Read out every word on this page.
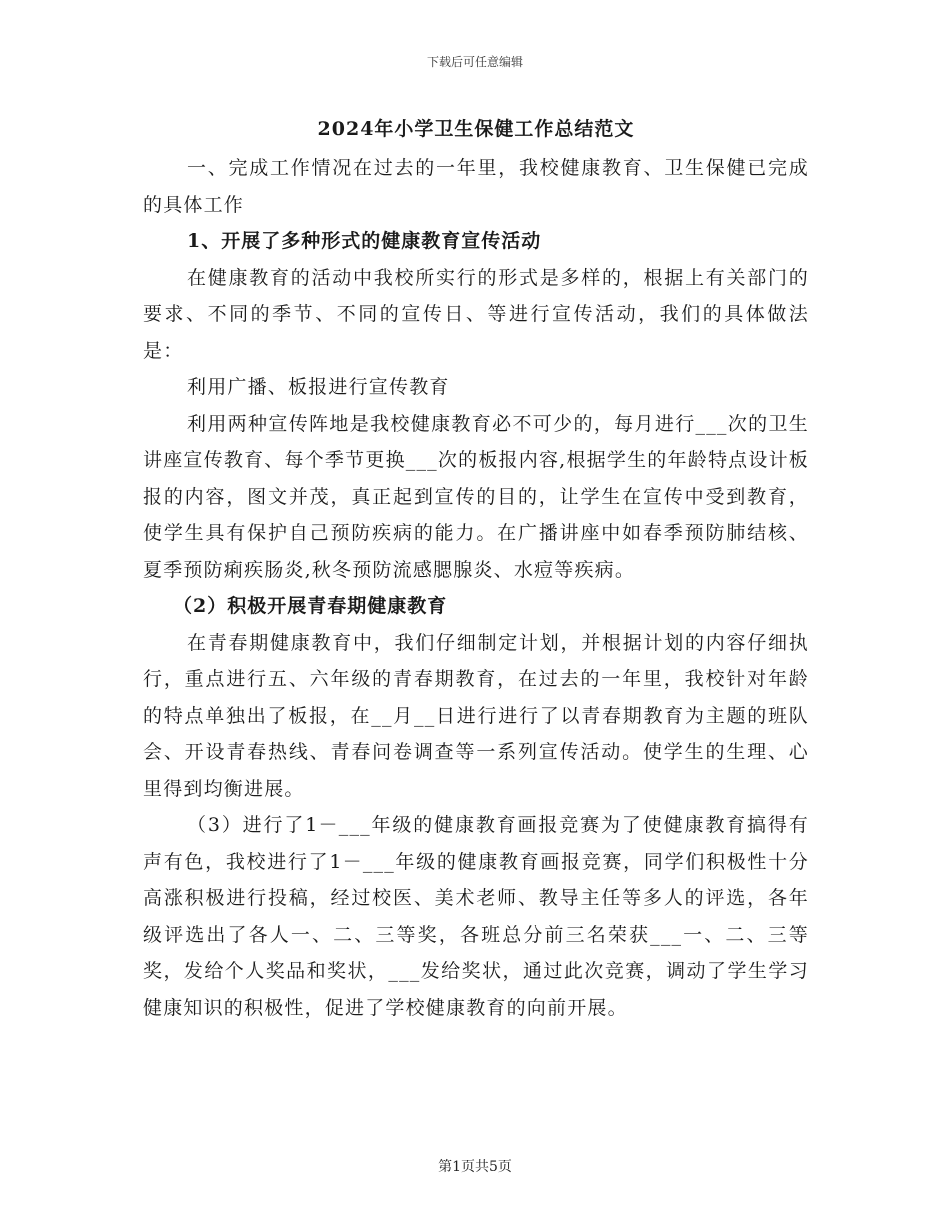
下载后可任意编辑

2024年小学卫生保健工作总结范文

一、完成工作情况在过去的一年里，我校健康教育、卫生保健已完成的具体工作

1、开展了多种形式的健康教育宣传活动

在健康教育的活动中我校所实行的形式是多样的，根据上有关部门的要求、不同的季节、不同的宣传日、等进行宣传活动，我们的具体做法是：

利用广播、板报进行宣传教育

利用两种宣传阵地是我校健康教育必不可少的，每月进行___次的卫生讲座宣传教育、每个季节更换___次的板报内容,根据学生的年龄特点设计板报的内容，图文并茂，真正起到宣传的目的，让学生在宣传中受到教育，使学生具有保护自己预防疾病的能力。在广播讲座中如春季预防肺结核、夏季预防痢疾肠炎,秋冬预防流感腮腺炎、水痘等疾病。

（2）积极开展青春期健康教育

在青春期健康教育中，我们仔细制定计划，并根据计划的内容仔细执行，重点进行五、六年级的青春期教育，在过去的一年里，我校针对年龄的特点单独出了板报，在__月__日进行进行了以青春期教育为主题的班队会、开设青春热线、青春问卷调查等一系列宣传活动。使学生的生理、心里得到均衡进展。

（3）进行了1－___年级的健康教育画报竞赛为了使健康教育搞得有声有色，我校进行了1－___年级的健康教育画报竞赛，同学们积极性十分高涨积极进行投稿，经过校医、美术老师、教导主任等多人的评选，各年级评选出了各人一、二、三等奖，各班总分前三名荣获___一、二、三等奖，发给个人奖品和奖状，___发给奖状，通过此次竞赛，调动了学生学习健康知识的积极性，促进了学校健康教育的向前开展。

第1页共5页
